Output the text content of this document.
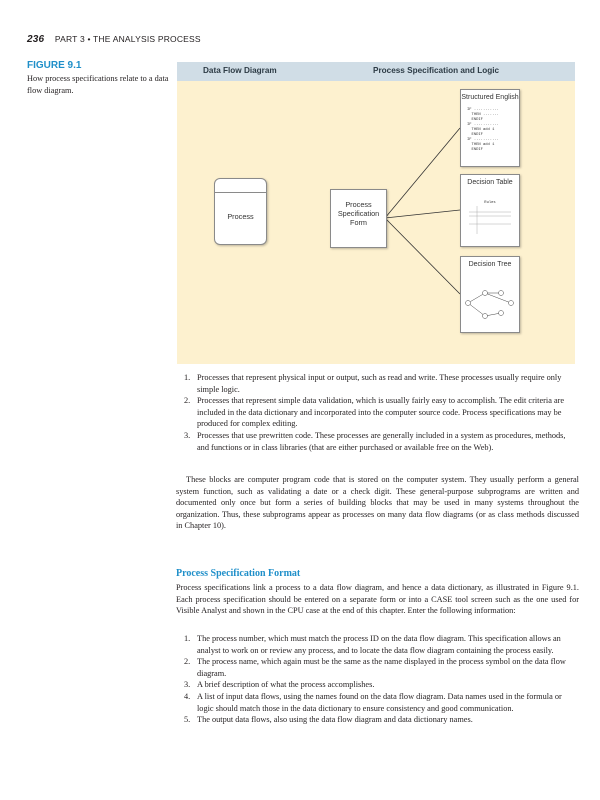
236 PART 3 • THE ANALYSIS PROCESS
FIGURE 9.1
How process specifications relate to a data flow diagram.
Data Flow Diagram	Process Specification and Logic
Process
Process Specification Form
Structured English
IF ...........
THEN .......
ENDIF
IF ...........
THEN add 1
ENDIF
IF ...........
THEN add 1
ENDIF
Decision Table
Rules
Decision Tree
1. Processes that represent physical input or output, such as read and write. These processes usually require only simple logic.
2. Processes that represent simple data validation, which is usually fairly easy to accomplish. The edit criteria are included in the data dictionary and incorporated into the computer source code. Process specifications may be produced for complex editing.
3. Processes that use prewritten code. These processes are generally included in a system as procedures, methods, and functions or in class libraries (that are either purchased or available free on the Web).

These blocks are computer program code that is stored on the computer system. They usually perform a general system function, such as validating a date or a check digit. These general-purpose subprograms are written and documented only once but form a series of building blocks that may be used in many systems throughout the organization. Thus, these subprograms appear as processes on many data flow diagrams (or as class methods discussed in Chapter 10).

Process Specification Format

Process specifications link a process to a data flow diagram, and hence a data dictionary, as illustrated in Figure 9.1. Each process specification should be entered on a separate form or into a CASE tool screen such as the one used for Visible Analyst and shown in the CPU case at the end of this chapter. Enter the following information:

1. The process number, which must match the process ID on the data flow diagram. This specification allows an analyst to work on or review any process, and to locate the data flow diagram containing the process easily.
2. The process name, which again must be the same as the name displayed in the process symbol on the data flow diagram.
3. A brief description of what the process accomplishes.
4. A list of input data flows, using the names found on the data flow diagram. Data names used in the formula or logic should match those in the data dictionary to ensure consistency and good communication.
5. The output data flows, also using the data flow diagram and data dictionary names.
